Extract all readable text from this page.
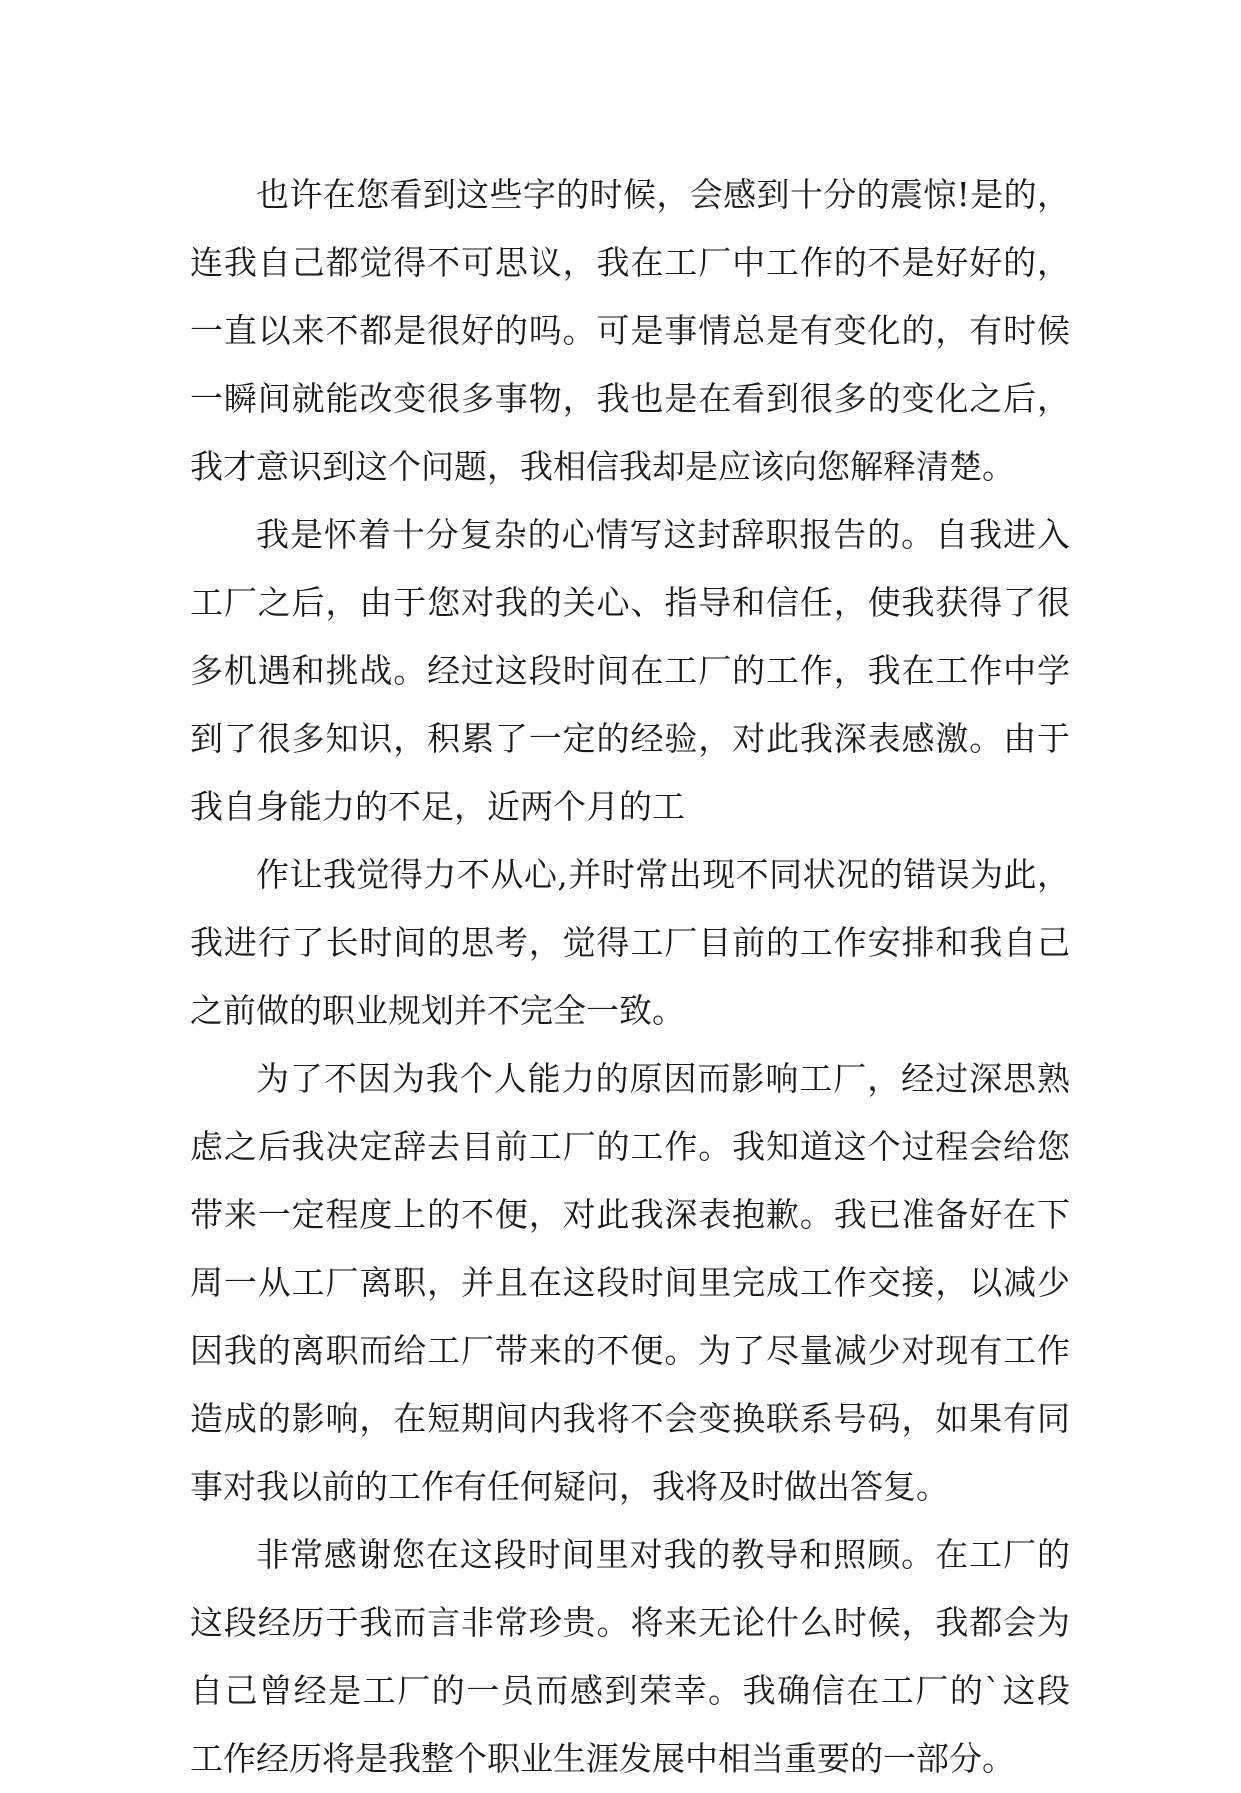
也许在您看到这些字的时候，会感到十分的震惊!是的，
连我自己都觉得不可思议，我在工厂中工作的不是好好的，
一直以来不都是很好的吗。可是事情总是有变化的，有时候
一瞬间就能改变很多事物，我也是在看到很多的变化之后，
我才意识到这个问题，我相信我却是应该向您解释清楚。
我是怀着十分复杂的心情写这封辞职报告的。自我进入
工厂之后，由于您对我的关心、指导和信任，使我获得了很
多机遇和挑战。经过这段时间在工厂的工作，我在工作中学
到了很多知识，积累了一定的经验，对此我深表感激。由于
我自身能力的不足，近两个月的工
作让我觉得力不从心,并时常出现不同状况的错误为此，
我进行了长时间的思考，觉得工厂目前的工作安排和我自己
之前做的职业规划并不完全一致。
为了不因为我个人能力的原因而影响工厂，经过深思熟
虑之后我决定辞去目前工厂的工作。我知道这个过程会给您
带来一定程度上的不便，对此我深表抱歉。我已准备好在下
周一从工厂离职，并且在这段时间里完成工作交接，以减少
因我的离职而给工厂带来的不便。为了尽量减少对现有工作
造成的影响，在短期间内我将不会变换联系号码，如果有同
事对我以前的工作有任何疑问，我将及时做出答复。
非常感谢您在这段时间里对我的教导和照顾。在工厂的
这段经历于我而言非常珍贵。将来无论什么时候，我都会为
自己曾经是工厂的一员而感到荣幸。我确信在工厂的`这段
工作经历将是我整个职业生涯发展中相当重要的一部分。
